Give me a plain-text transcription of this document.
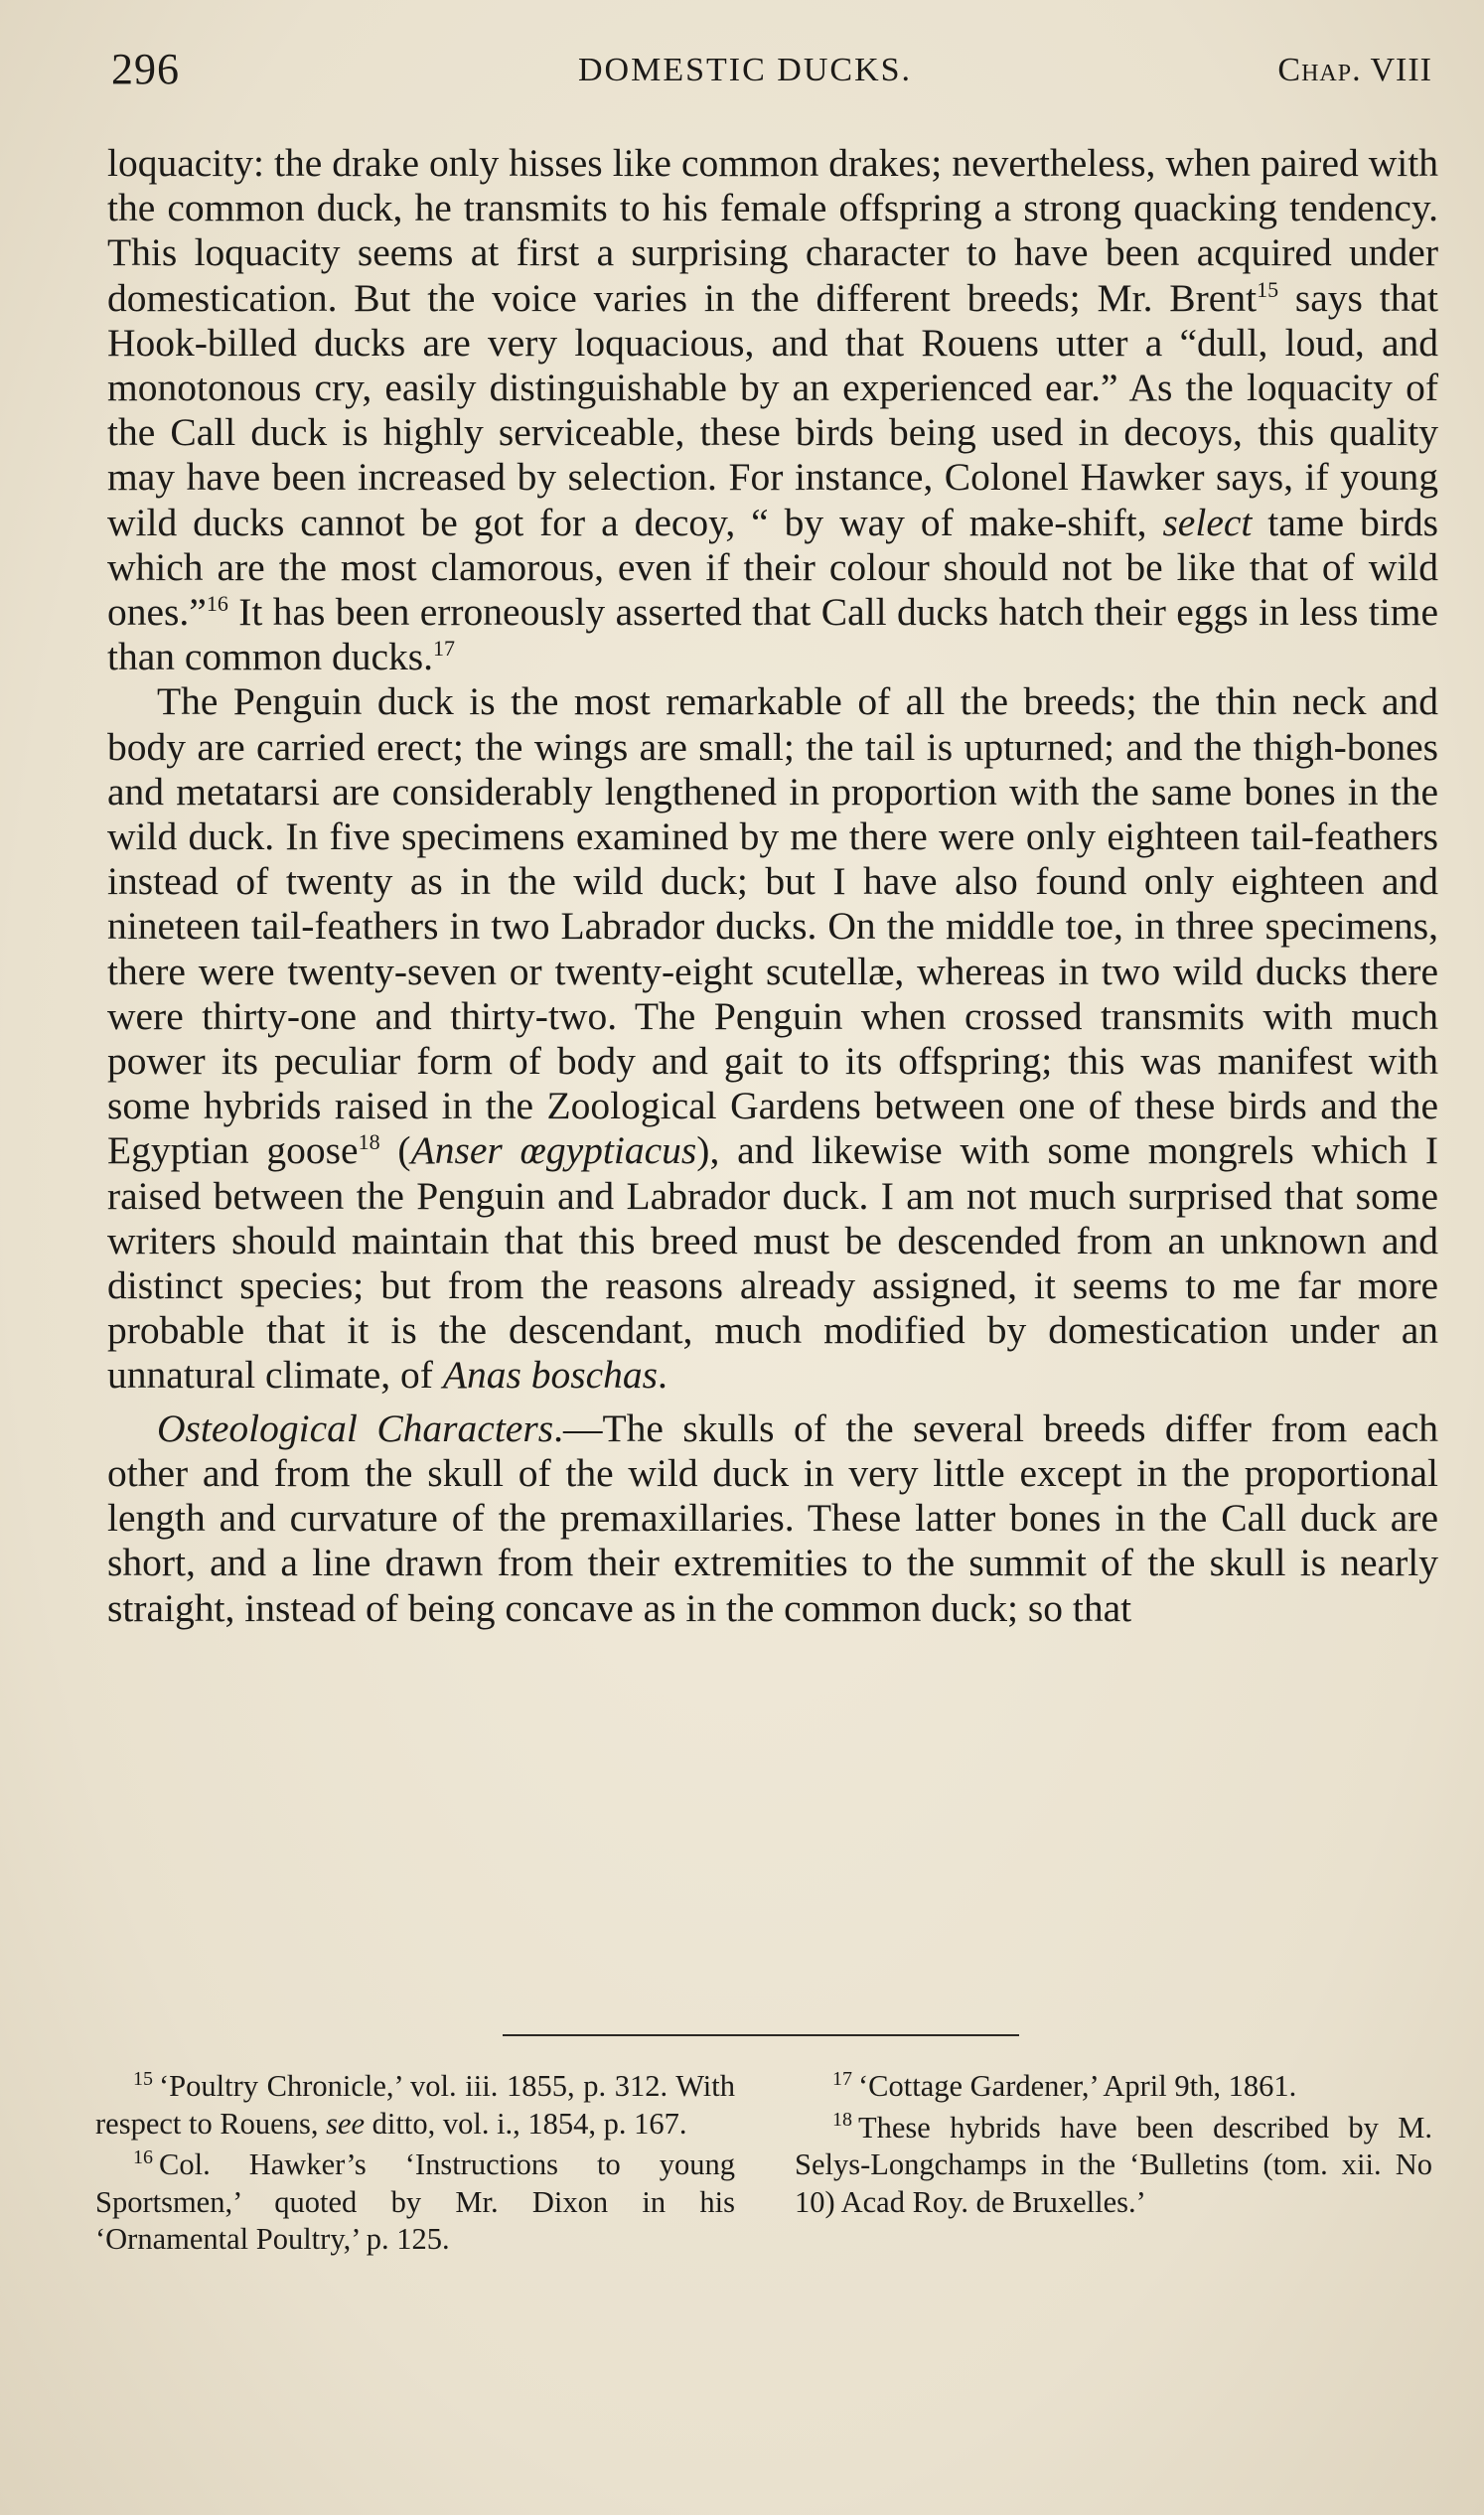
296	DOMESTIC DUCKS.	Chap. VIII

loquacity: the drake only hisses like common drakes; nevertheless, when paired with the common duck, he transmits to his female offspring a strong quacking tendency. This loquacity seems at first a surprising character to have been acquired under domestication. But the voice varies in the different breeds; Mr. Brent$^{15}$ says that Hook-billed ducks are very loquacious, and that Rouens utter a “dull, loud, and monotonous cry, easily distinguishable by an experienced ear.” As the loquacity of the Call duck is highly serviceable, these birds being used in decoys, this quality may have been increased by selection. For instance, Colonel Hawker says, if young wild ducks cannot be got for a decoy, “ by way of make-shift, select tame birds which are the most clamorous, even if their colour should not be like that of wild ones.”$^{16}$ It has been erroneously asserted that Call ducks hatch their eggs in less time than common ducks.$^{17}$

The Penguin duck is the most remarkable of all the breeds; the thin neck and body are carried erect; the wings are small; the tail is upturned; and the thigh-bones and metatarsi are considerably lengthened in proportion with the same bones in the wild duck. In five specimens examined by me there were only eighteen tail-feathers instead of twenty as in the wild duck; but I have also found only eighteen and nineteen tail-feathers in two Labrador ducks. On the middle toe, in three specimens, there were twenty-seven or twenty-eight scutellæ, whereas in two wild ducks there were thirty-one and thirty-two. The Penguin when crossed transmits with much power its peculiar form of body and gait to its offspring; this was manifest with some hybrids raised in the Zoological Gardens between one of these birds and the Egyptian goose$^{18}$ (Anser œgyptiacus), and likewise with some mongrels which I raised between the Penguin and Labrador duck. I am not much surprised that some writers should maintain that this breed must be descended from an unknown and distinct species; but from the reasons already assigned, it seems to me far more probable that it is the descendant, much modified by domestication under an unnatural climate, of Anas boschas.

Osteological Characters.—The skulls of the several breeds differ from each other and from the skull of the wild duck in very little except in the proportional length and curvature of the premaxillaries. These latter bones in the Call duck are short, and a line drawn from their extremities to the summit of the skull is nearly straight, instead of being concave as in the common duck; so that

$^{15}$ ‘Poultry Chronicle,’ vol. iii. 1855, p. 312. With respect to Rouens, see ditto, vol. i., 1854, p. 167.

$^{16}$ Col. Hawker’s ‘Instructions to young Sportsmen,’ quoted by Mr. Dixon in his ‘Ornamental Poultry,’ p. 125.

$^{17}$ ‘Cottage Gardener,’ April 9th, 1861.

$^{18}$ These hybrids have been described by M. Selys-Longchamps in the ‘Bulletins (tom. xii. No 10) Acad Roy. de Bruxelles.’
